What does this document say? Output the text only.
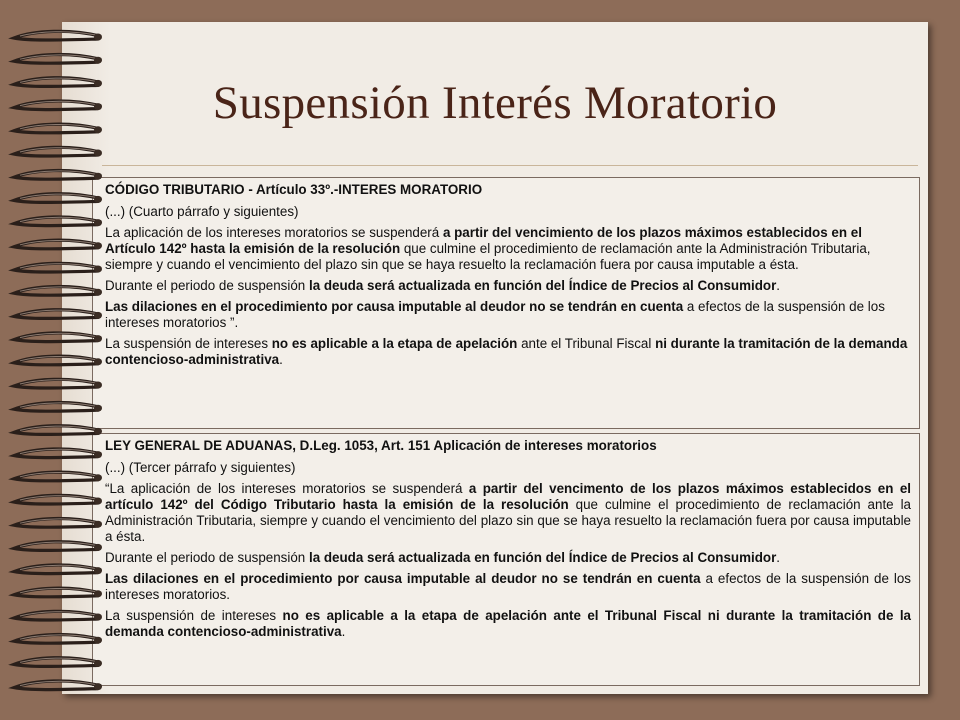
Suspensión Interés Moratorio

CÓDIGO TRIBUTARIO - Artículo 33º.-INTERES MORATORIO

(...) (Cuarto párrafo y siguientes)

La aplicación de los intereses moratorios se suspenderá a partir del vencimiento de los plazos máximos establecidos en el Artículo 142º hasta la emisión de la resolución que culmine el procedimiento de reclamación ante la Administración Tributaria, siempre y cuando el vencimiento del plazo sin que se haya resuelto la reclamación fuera por causa imputable a ésta.

Durante el periodo de suspensión la deuda será actualizada en función del Índice de Precios al Consumidor.

Las dilaciones en el procedimiento por causa imputable al deudor no se tendrán en cuenta a efectos de la suspensión de los intereses moratorios ”.

La suspensión de intereses no es aplicable a la etapa de apelación ante el Tribunal Fiscal ni durante la tramitación de la demanda contencioso-administrativa.

LEY GENERAL DE ADUANAS, D.Leg. 1053, Art. 151 Aplicación de intereses moratorios

(...) (Tercer párrafo y siguientes)

“La aplicación de los intereses moratorios se suspenderá a partir del vencimento de los plazos máximos establecidos en el artículo 142º del Código Tributario hasta la emisión de la resolución que culmine el procedimiento de reclamación ante la Administración Tributaria, siempre y cuando el vencimiento del plazo sin que se haya resuelto la reclamación fuera por causa imputable a ésta.

Durante el periodo de suspensión la deuda será actualizada en función del Índice de Precios al Consumidor.

Las dilaciones en el procedimiento por causa imputable al deudor no se tendrán en cuenta a efectos de la suspensión de los intereses moratorios.

La suspensión de intereses no es aplicable a la etapa de apelación ante el Tribunal Fiscal ni durante la tramitación de la demanda contencioso-administrativa.
